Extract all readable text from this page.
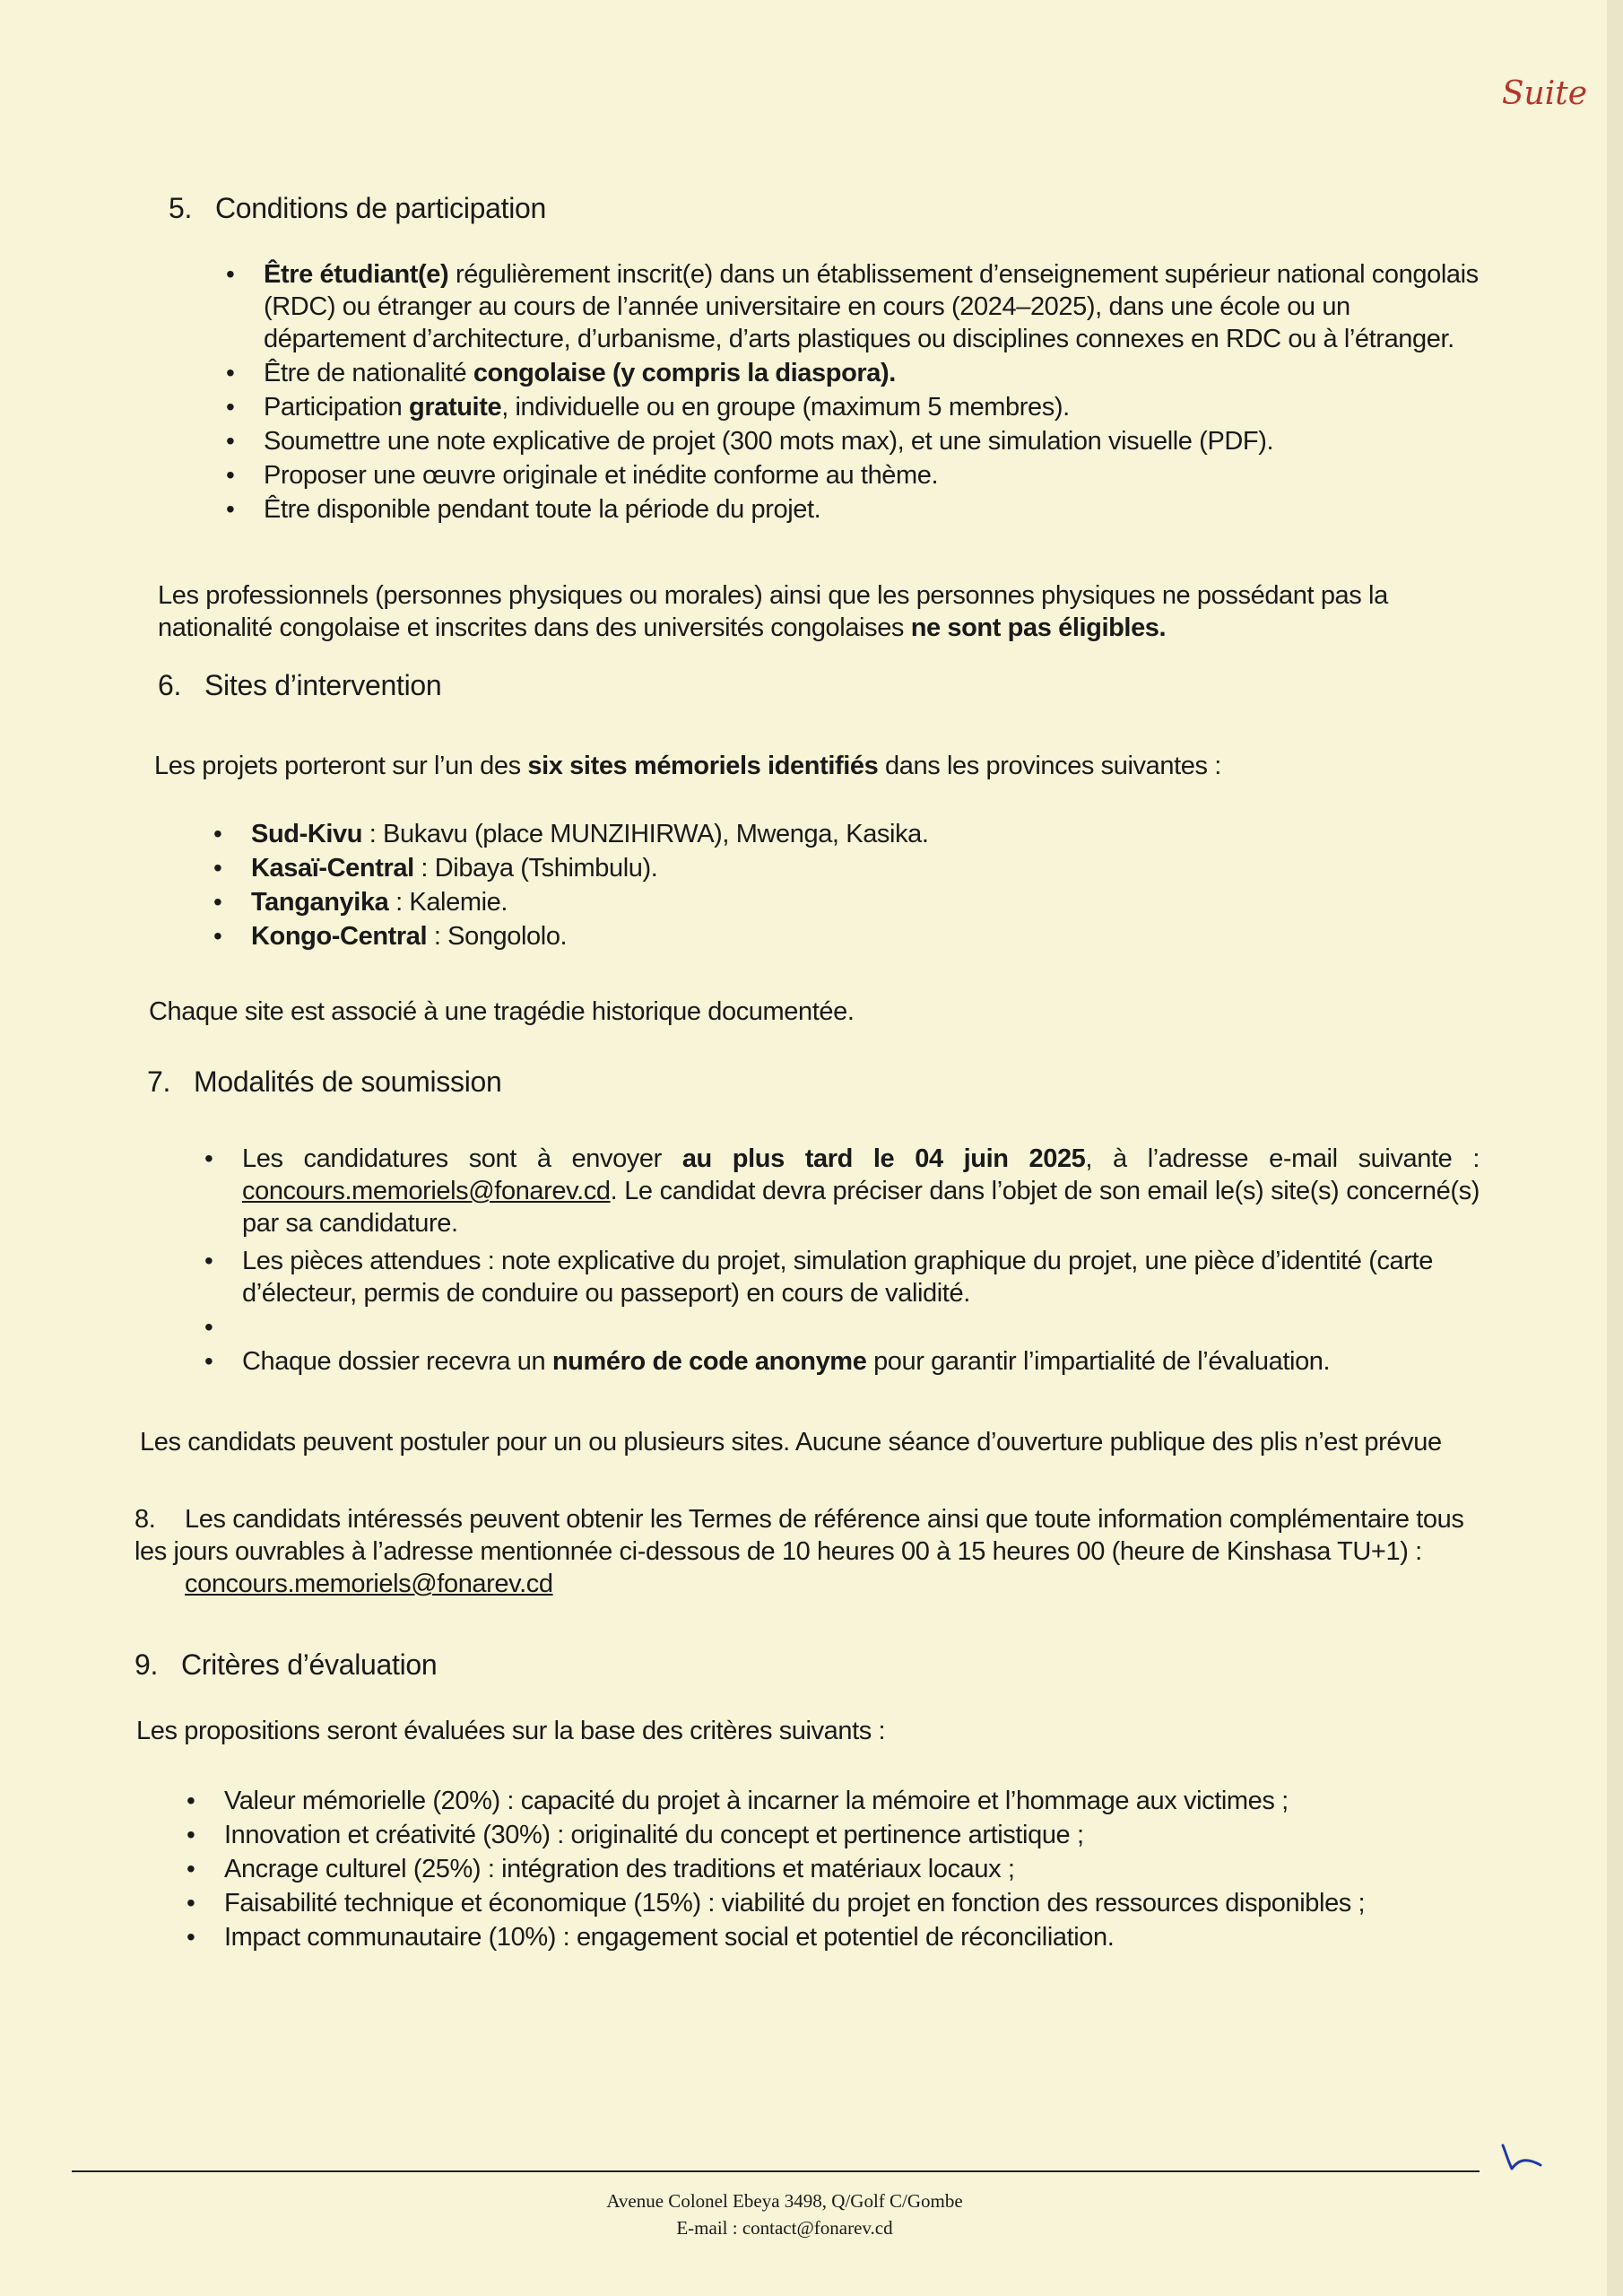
Suite
5. Conditions de participation
• Être étudiant(e) régulièrement inscrit(e) dans un établissement d’enseignement supérieur national congolais (RDC) ou étranger au cours de l’année universitaire en cours (2024–2025), dans une école ou un département d’architecture, d’urbanisme, d’arts plastiques ou disciplines connexes en RDC ou à l’étranger.
• Être de nationalité congolaise (y compris la diaspora).
• Participation gratuite, individuelle ou en groupe (maximum 5 membres).
• Soumettre une note explicative de projet (300 mots max), et une simulation visuelle (PDF).
• Proposer une œuvre originale et inédite conforme au thème.
• Être disponible pendant toute la période du projet.
Les professionnels (personnes physiques ou morales) ainsi que les personnes physiques ne possédant pas la nationalité congolaise et inscrites dans des universités congolaises ne sont pas éligibles.
6. Sites d’intervention
Les projets porteront sur l’un des six sites mémoriels identifiés dans les provinces suivantes :
• Sud-Kivu : Bukavu (place MUNZIHIRWA), Mwenga, Kasika.
• Kasaï-Central : Dibaya (Tshimbulu).
• Tanganyika : Kalemie.
• Kongo-Central : Songololo.
Chaque site est associé à une tragédie historique documentée.
7. Modalités de soumission
• Les candidatures sont à envoyer au plus tard le 04 juin 2025, à l’adresse e-mail suivante : concours.memoriels@fonarev.cd. Le candidat devra préciser dans l’objet de son email le(s) site(s) concerné(s) par sa candidature.
• Les pièces attendues : note explicative du projet, simulation graphique du projet, une pièce d’identité (carte d’électeur, permis de conduire ou passeport) en cours de validité.
•
• Chaque dossier recevra un numéro de code anonyme pour garantir l’impartialité de l’évaluation.
Les candidats peuvent postuler pour un ou plusieurs sites. Aucune séance d’ouverture publique des plis n’est prévue
8. Les candidats intéressés peuvent obtenir les Termes de référence ainsi que toute information complémentaire tous les jours ouvrables à l’adresse mentionnée ci-dessous de 10 heures 00 à 15 heures 00 (heure de Kinshasa TU+1) :
concours.memoriels@fonarev.cd
9. Critères d’évaluation
Les propositions seront évaluées sur la base des critères suivants :
• Valeur mémorielle (20%) : capacité du projet à incarner la mémoire et l’hommage aux victimes ;
• Innovation et créativité (30%) : originalité du concept et pertinence artistique ;
• Ancrage culturel (25%) : intégration des traditions et matériaux locaux ;
• Faisabilité technique et économique (15%) : viabilité du projet en fonction des ressources disponibles ;
• Impact communautaire (10%) : engagement social et potentiel de réconciliation.
Avenue Colonel Ebeya 3498, Q/Golf C/Gombe
E-mail : contact@fonarev.cd
